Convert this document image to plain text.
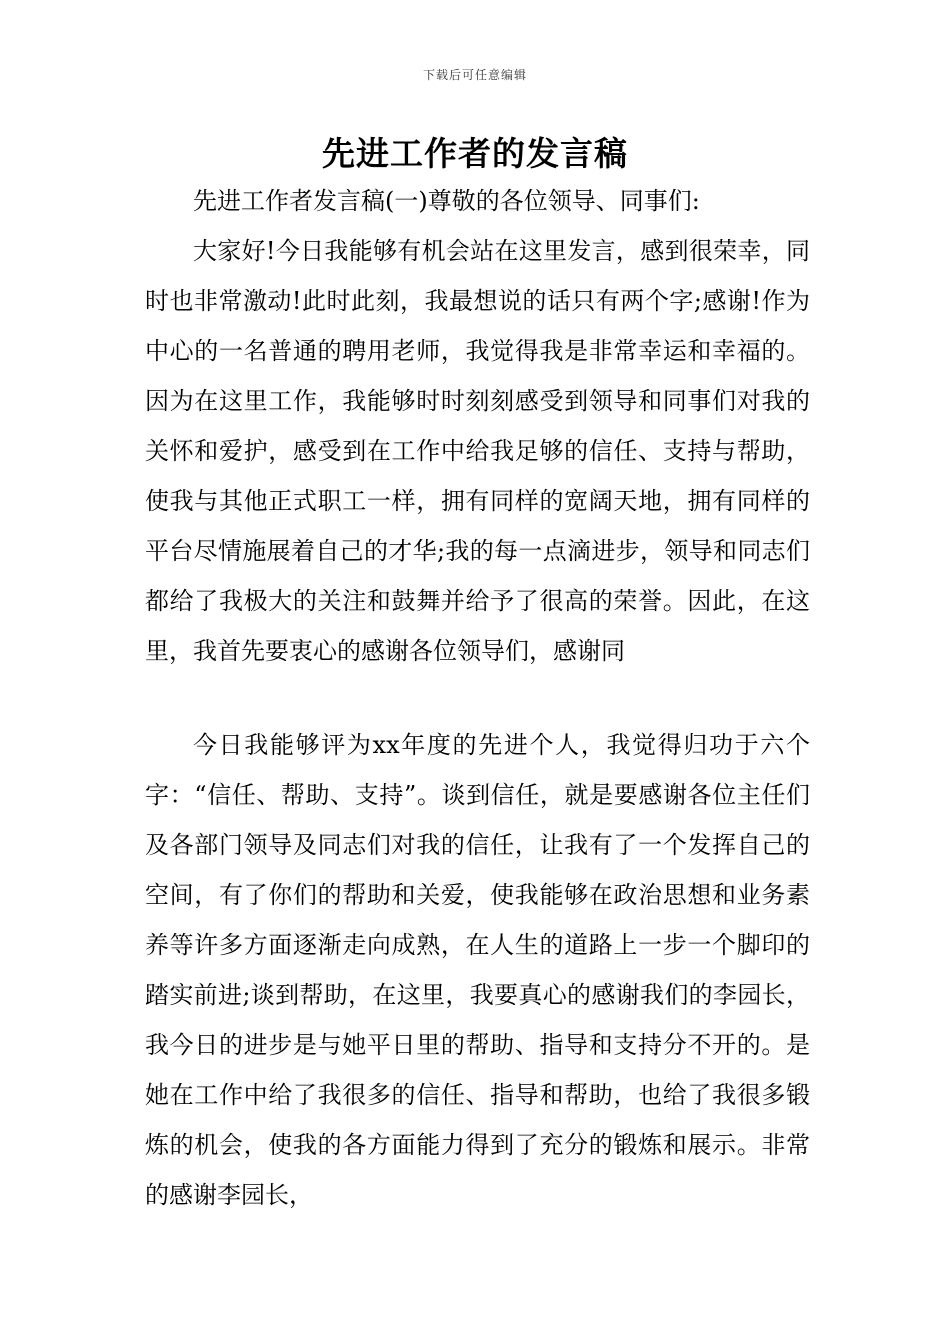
下载后可任意编辑
先进工作者的发言稿

先进工作者发言稿(一)尊敬的各位领导、同事们:

大家好!今日我能够有机会站在这里发言，感到很荣幸，同时也非常激动!此时此刻，我最想说的话只有两个字;感谢!作为中心的一名普通的聘用老师，我觉得我是非常幸运和幸福的。因为在这里工作，我能够时时刻刻感受到领导和同事们对我的关怀和爱护，感受到在工作中给我足够的信任、支持与帮助，使我与其他正式职工一样，拥有同样的宽阔天地，拥有同样的平台尽情施展着自己的才华;我的每一点滴进步，领导和同志们都给了我极大的关注和鼓舞并给予了很高的荣誉。因此，在这里，我首先要衷心的感谢各位领导们，感谢同

今日我能够评为xx年度的先进个人，我觉得归功于六个字：“信任、帮助、支持”。谈到信任，就是要感谢各位主任们及各部门领导及同志们对我的信任，让我有了一个发挥自己的空间，有了你们的帮助和关爱，使我能够在政治思想和业务素养等许多方面逐渐走向成熟，在人生的道路上一步一个脚印的踏实前进;谈到帮助，在这里，我要真心的感谢我们的李园长，我今日的进步是与她平日里的帮助、指导和支持分不开的。是她在工作中给了我很多的信任、指导和帮助，也给了我很多锻炼的机会，使我的各方面能力得到了充分的锻炼和展示。非常的感谢李园长，
